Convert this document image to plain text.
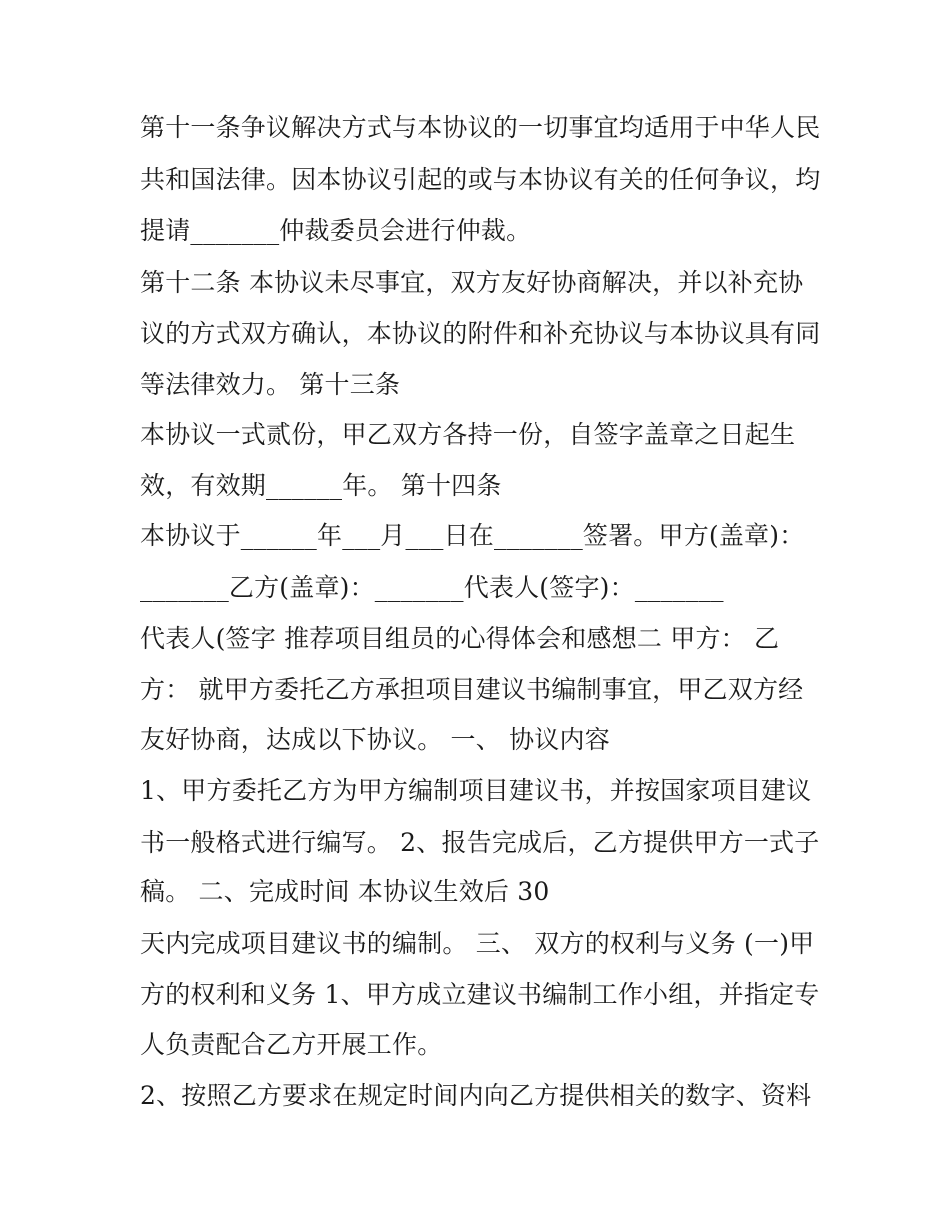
第十一条争议解决方式与本协议的一切事宜均适用于中华人民
共和国法律。因本协议引起的或与本协议有关的任何争议，均
提请_______仲裁委员会进行仲裁。
第十二条 本协议未尽事宜，双方友好协商解决，并以补充协
议的方式双方确认，本协议的附件和补充协议与本协议具有同
等法律效力。 第十三条
本协议一式贰份，甲乙双方各持一份，自签字盖章之日起生
效，有效期______年。 第十四条
本协议于______年___月___日在_______签署。甲方(盖章)：
_______乙方(盖章)：_______代表人(签字)：_______
代表人(签字 推荐项目组员的心得体会和感想二 甲方： 乙
方： 就甲方委托乙方承担项目建议书编制事宜，甲乙双方经
友好协商，达成以下协议。 一、 协议内容
1、甲方委托乙方为甲方编制项目建议书，并按国家项目建议
书一般格式进行编写。 2、报告完成后，乙方提供甲方一式子
稿。 二、完成时间 本协议生效后 30
天内完成项目建议书的编制。 三、 双方的权利与义务 (一)甲
方的权利和义务 1、甲方成立建议书编制工作小组，并指定专
人负责配合乙方开展工作。
2、按照乙方要求在规定时间内向乙方提供相关的数字、资料
